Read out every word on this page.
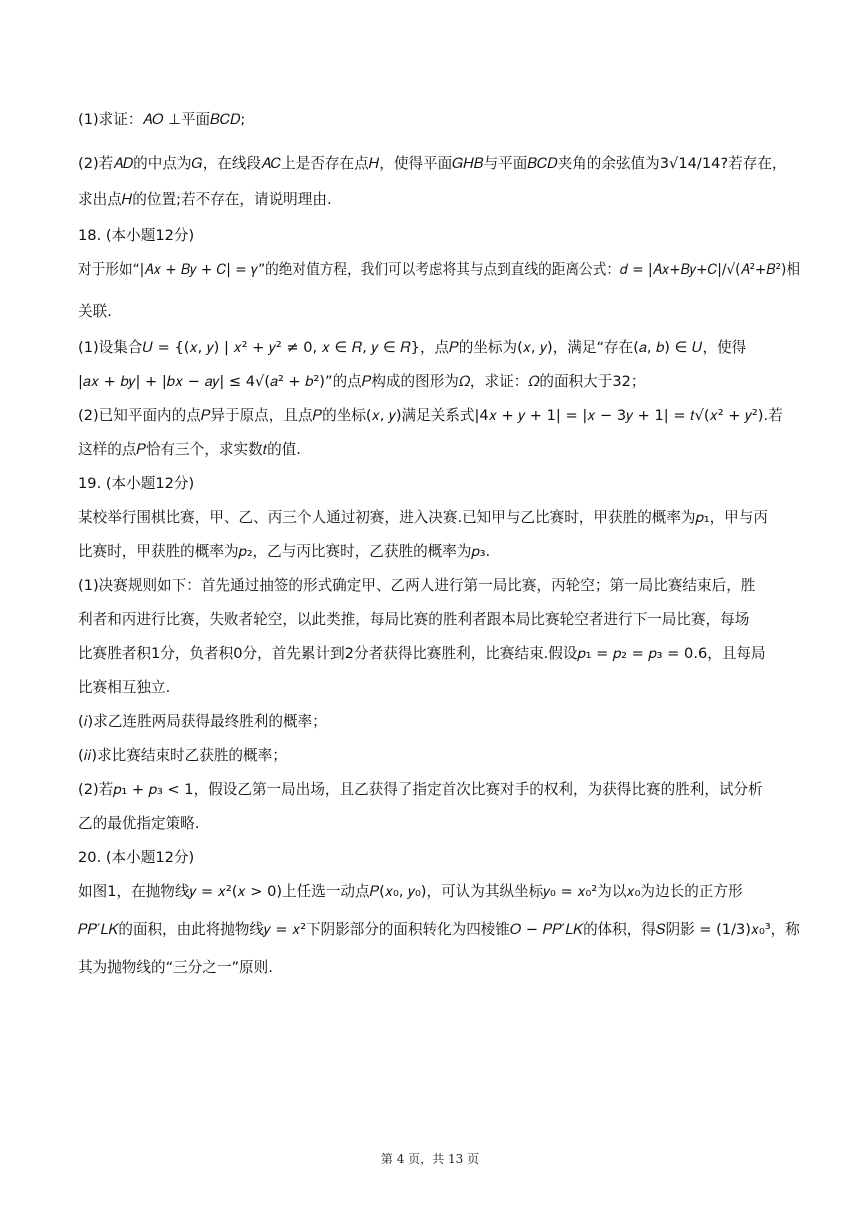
(1)求证：𝐴𝑂 ⊥平面𝐵𝐶𝐷;
(2)若𝐴𝐷的中点为𝐺，在线段𝐴𝐶上是否存在点𝐻，使得平面𝐺𝐻𝐵与平面𝐵𝐶𝐷夹角的余弦值为3√14/14?若存在，
求出点𝐻的位置;若不存在，请说明理由.
18. (本小题12分)
对于形如“|𝐴𝑥 + 𝐵𝑦 + 𝐶| = 𝛾”的绝对值方程，我们可以考虑将其与点到直线的距离公式：𝑑 = |𝐴𝑥+𝐵𝑦+𝐶|/√(𝐴²+𝐵²)相
关联.
(1)设集合𝑈 = {(𝑥, 𝑦) | 𝑥² + 𝑦² ≠ 0, 𝑥 ∈ 𝑅, 𝑦 ∈ 𝑅}，点𝑃的坐标为(𝑥, 𝑦)，满足“存在(𝑎, 𝑏) ∈ 𝑈，使得
|𝑎𝑥 + 𝑏𝑦| + |𝑏𝑥 − 𝑎𝑦| ≤ 4√(𝑎² + 𝑏²)”的点𝑃构成的图形为𝛺，求证：𝛺的面积大于32；
(2)已知平面内的点𝑃异于原点，且点𝑃的坐标(𝑥, 𝑦)满足关系式|4𝑥 + 𝑦 + 1| = |𝑥 − 3𝑦 + 1| = 𝑡√(𝑥² + 𝑦²).若
这样的点𝑃恰有三个，求实数𝑡的值.
19. (本小题12分)
某校举行围棋比赛，甲、乙、丙三个人通过初赛，进入决赛.已知甲与乙比赛时，甲获胜的概率为𝑝₁，甲与丙
比赛时，甲获胜的概率为𝑝₂，乙与丙比赛时，乙获胜的概率为𝑝₃.
(1)决赛规则如下：首先通过抽签的形式确定甲、乙两人进行第一局比赛，丙轮空；第一局比赛结束后，胜
利者和丙进行比赛，失败者轮空，以此类推，每局比赛的胜利者跟本局比赛轮空者进行下一局比赛，每场
比赛胜者积1分，负者积0分，首先累计到2分者获得比赛胜利，比赛结束.假设𝑝₁ = 𝑝₂ = 𝑝₃ = 0.6，且每局
比赛相互独立.
(𝑖)求乙连胜两局获得最终胜利的概率；
(𝑖𝑖)求比赛结束时乙获胜的概率；
(2)若𝑝₁ + 𝑝₃ < 1，假设乙第一局出场，且乙获得了指定首次比赛对手的权利，为获得比赛的胜利，试分析
乙的最优指定策略.
20. (本小题12分)
如图1，在抛物线𝑦 = 𝑥²(𝑥 > 0)上任选一动点𝑃(𝑥₀, 𝑦₀)，可认为其纵坐标𝑦₀ = 𝑥₀²为以𝑥₀为边长的正方形
𝑃𝑃′𝐿𝐾的面积，由此将抛物线𝑦 = 𝑥²下阴影部分的面积转化为四棱锥𝑂 − 𝑃𝑃′𝐿𝐾的体积，得𝑆阴影 = (1/3)𝑥₀³，称
其为抛物线的“三分之一”原则.
第 4 页，共 13 页
